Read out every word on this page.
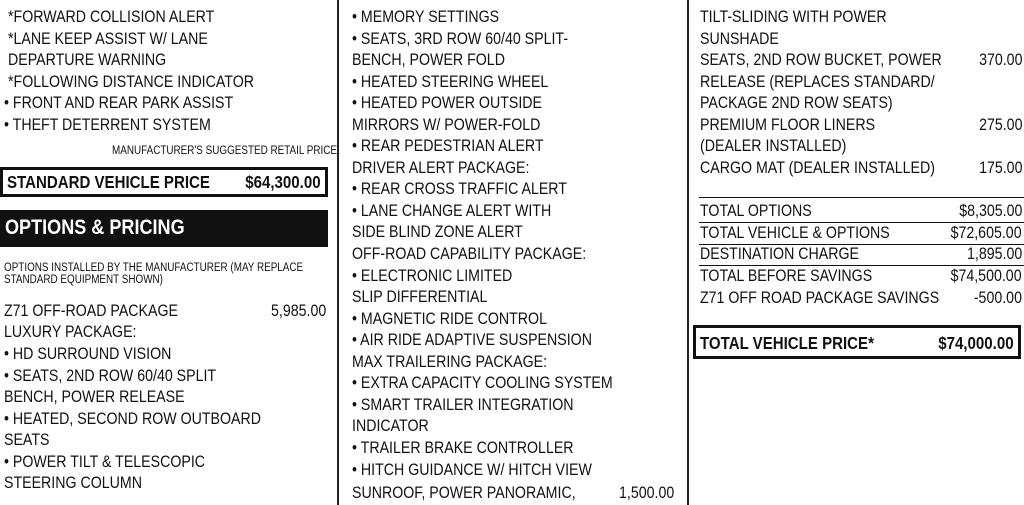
*FORWARD COLLISION ALERT
*LANE KEEP ASSIST W/ LANE
DEPARTURE WARNING
*FOLLOWING DISTANCE INDICATOR
• FRONT AND REAR PARK ASSIST
• THEFT DETERRENT SYSTEM
MANUFACTURER'S SUGGESTED RETAIL PRICE
STANDARD VEHICLE PRICE $64,300.00
OPTIONS & PRICING
OPTIONS INSTALLED BY THE MANUFACTURER (MAY REPLACE
STANDARD EQUIPMENT SHOWN)
Z71 OFF-ROAD PACKAGE	5,985.00
LUXURY PACKAGE:
• HD SURROUND VISION
• SEATS, 2ND ROW 60/40 SPLIT
BENCH, POWER RELEASE
• HEATED, SECOND ROW OUTBOARD
SEATS
• POWER TILT & TELESCOPIC
STEERING COLUMN
• MEMORY SETTINGS
• SEATS, 3RD ROW 60/40 SPLIT-
BENCH, POWER FOLD
• HEATED STEERING WHEEL
• HEATED POWER OUTSIDE
MIRRORS W/ POWER-FOLD
• REAR PEDESTRIAN ALERT
DRIVER ALERT PACKAGE:
• REAR CROSS TRAFFIC ALERT
• LANE CHANGE ALERT WITH
SIDE BLIND ZONE ALERT
OFF-ROAD CAPABILITY PACKAGE:
• ELECTRONIC LIMITED
SLIP DIFFERENTIAL
• MAGNETIC RIDE CONTROL
• AIR RIDE ADAPTIVE SUSPENSION
MAX TRAILERING PACKAGE:
• EXTRA CAPACITY COOLING SYSTEM
• SMART TRAILER INTEGRATION
INDICATOR
• TRAILER BRAKE CONTROLLER
• HITCH GUIDANCE W/ HITCH VIEW
SUNROOF, POWER PANORAMIC,	1,500.00
TILT-SLIDING WITH POWER
SUNSHADE
SEATS, 2ND ROW BUCKET, POWER 370.00
RELEASE (REPLACES STANDARD/
PACKAGE 2ND ROW SEATS)
PREMIUM FLOOR LINERS	275.00
(DEALER INSTALLED)
CARGO MAT (DEALER INSTALLED)	175.00
TOTAL OPTIONS	$8,305.00
TOTAL VEHICLE & OPTIONS	$72,605.00
DESTINATION CHARGE	1,895.00
TOTAL BEFORE SAVINGS	$74,500.00
Z71 OFF ROAD PACKAGE SAVINGS -500.00
TOTAL VEHICLE PRICE*	$74,000.00
